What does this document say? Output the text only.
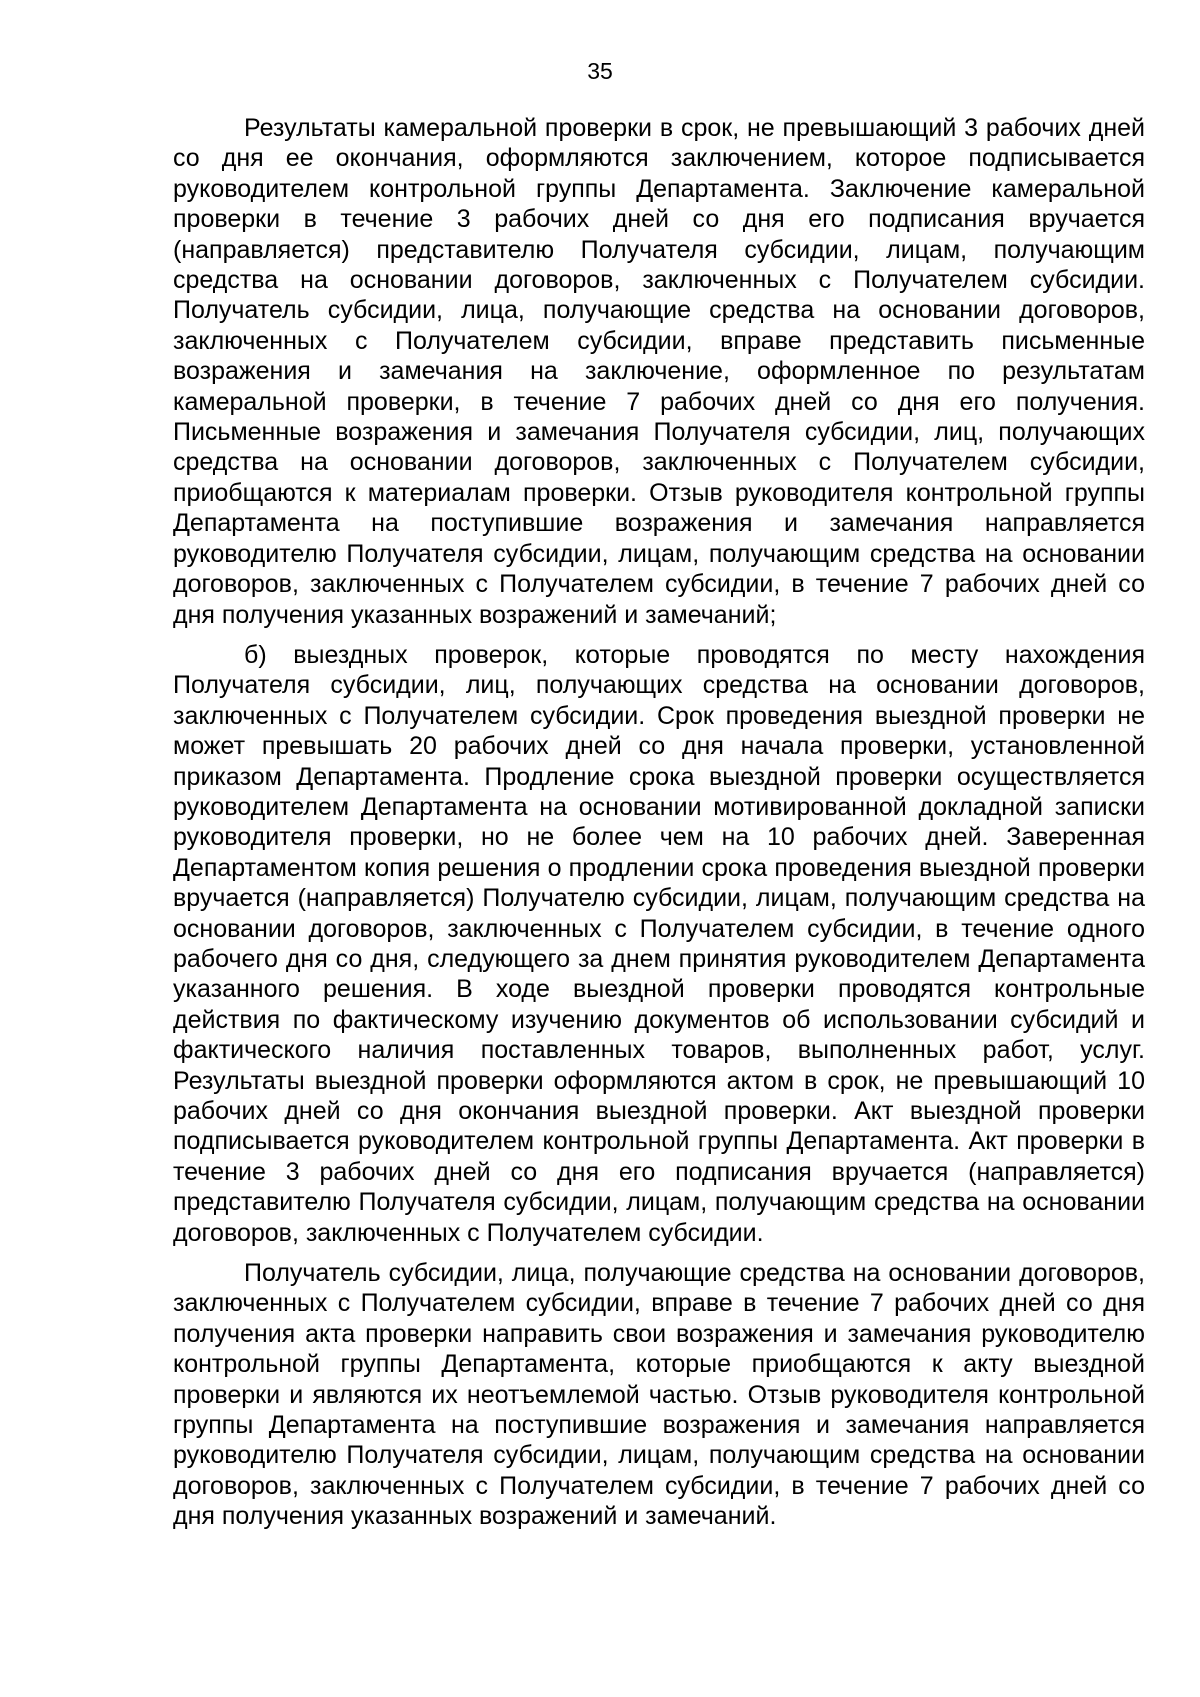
35

Результаты камеральной проверки в срок, не превышающий 3 рабочих дней со дня ее окончания, оформляются заключением, которое подписывается руководителем контрольной группы Департамента. Заключение камеральной проверки в течение 3 рабочих дней со дня его подписания вручается (направляется) представителю Получателя субсидии, лицам, получающим средства на основании договоров, заключенных с Получателем субсидии. Получатель субсидии, лица, получающие средства на основании договоров, заключенных с Получателем субсидии, вправе представить письменные возражения и замечания на заключение, оформленное по результатам камеральной проверки, в течение 7 рабочих дней со дня его получения. Письменные возражения и замечания Получателя субсидии, лиц, получающих средства на основании договоров, заключенных с Получателем субсидии, приобщаются к материалам проверки. Отзыв руководителя контрольной группы Департамента на поступившие возражения и замечания направляется руководителю Получателя субсидии, лицам, получающим средства на основании договоров, заключенных с Получателем субсидии, в течение 7 рабочих дней со дня получения указанных возражений и замечаний;

б) выездных проверок, которые проводятся по месту нахождения Получателя субсидии, лиц, получающих средства на основании договоров, заключенных с Получателем субсидии. Срок проведения выездной проверки не может превышать 20 рабочих дней со дня начала проверки, установленной приказом Департамента. Продление срока выездной проверки осуществляется руководителем Департамента на основании мотивированной докладной записки руководителя проверки, но не более чем на 10 рабочих дней. Заверенная Департаментом копия решения о продлении срока проведения выездной проверки вручается (направляется) Получателю субсидии, лицам, получающим средства на основании договоров, заключенных с Получателем субсидии, в течение одного рабочего дня со дня, следующего за днем принятия руководителем Департамента указанного решения. В ходе выездной проверки проводятся контрольные действия по фактическому изучению документов об использовании субсидий и фактического наличия поставленных товаров, выполненных работ, услуг. Результаты выездной проверки оформляются актом в срок, не превышающий 10 рабочих дней со дня окончания выездной проверки. Акт выездной проверки подписывается руководителем контрольной группы Департамента. Акт проверки в течение 3 рабочих дней со дня его подписания вручается (направляется) представителю Получателя субсидии, лицам, получающим средства на основании договоров, заключенных с Получателем субсидии.

Получатель субсидии, лица, получающие средства на основании договоров, заключенных с Получателем субсидии, вправе в течение 7 рабочих дней со дня получения акта проверки направить свои возражения и замечания руководителю контрольной группы Департамента, которые приобщаются к акту выездной проверки и являются их неотъемлемой частью. Отзыв руководителя контрольной группы Департамента на поступившие возражения и замечания направляется руководителю Получателя субсидии, лицам, получающим средства на основании договоров, заключенных с Получателем субсидии, в течение 7 рабочих дней со дня получения указанных возражений и замечаний.
